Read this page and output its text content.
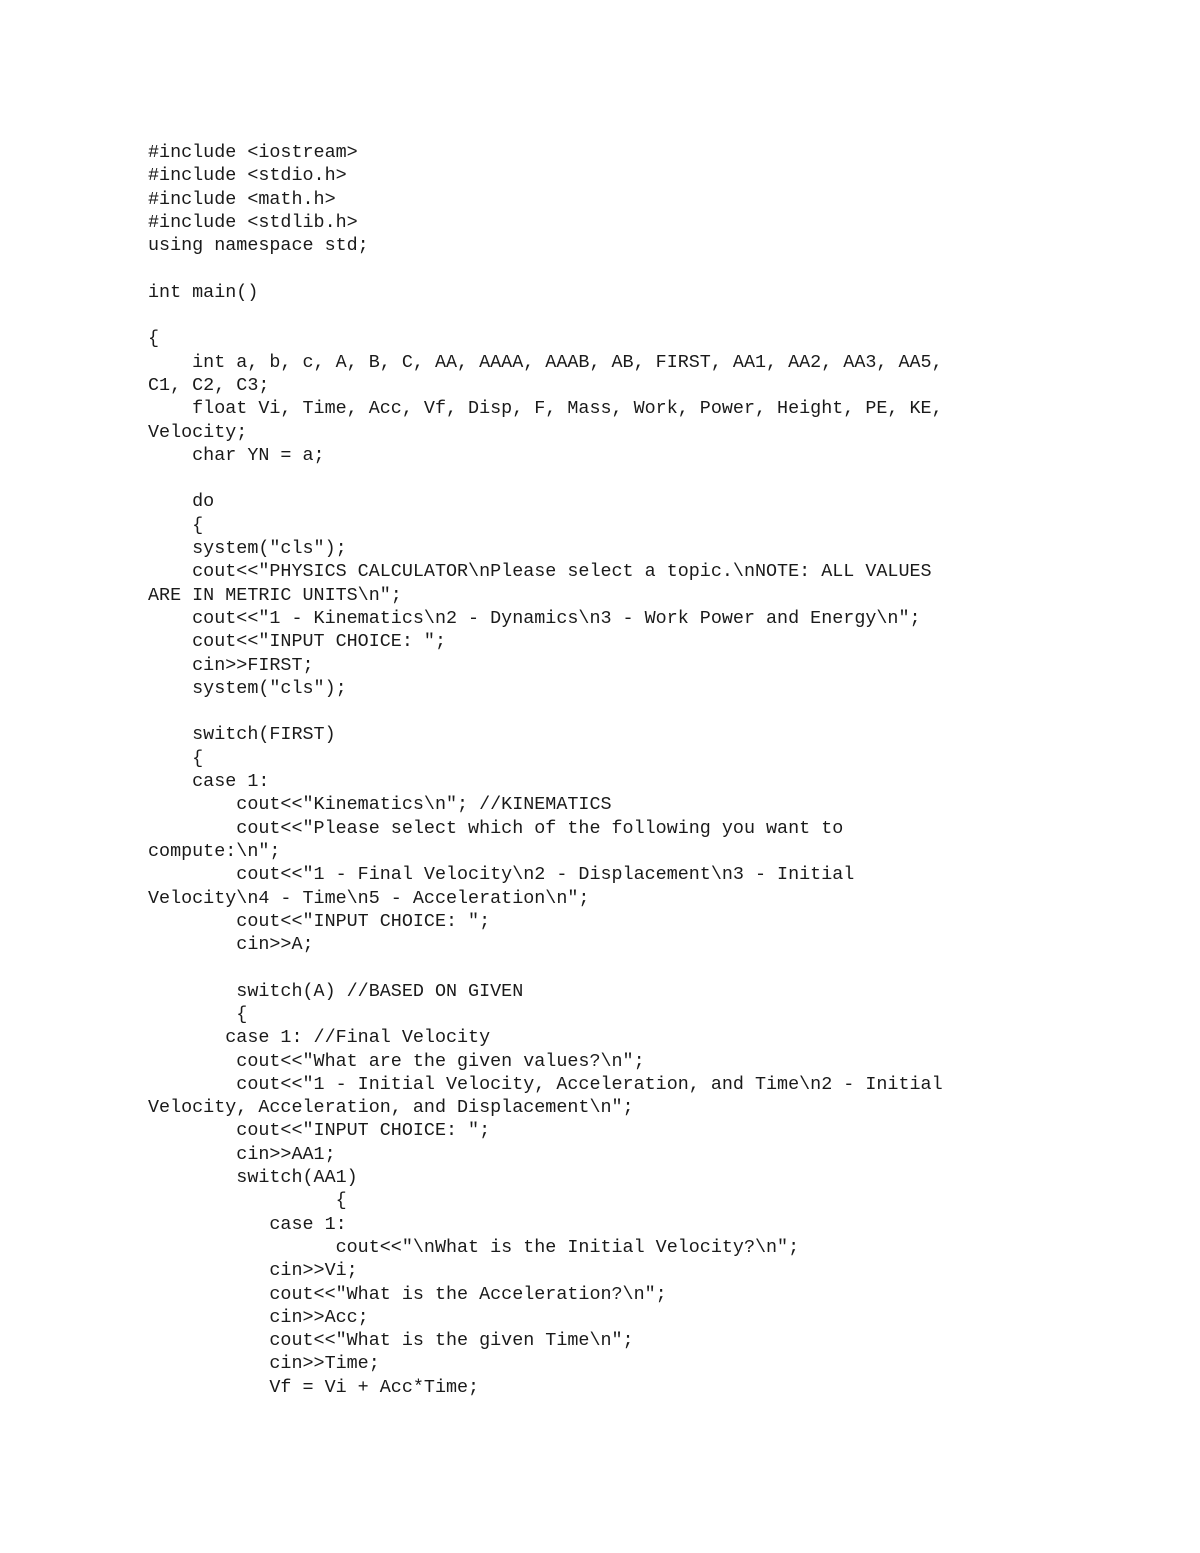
#include <iostream>
#include <stdio.h>
#include <math.h>
#include <stdlib.h>
using namespace std;
int main()
{
int a, b, c, A, B, C, AA, AAAA, AAAB, AB, FIRST, AA1, AA2, AA3, AA5,
C1, C2, C3;
float Vi, Time, Acc, Vf, Disp, F, Mass, Work, Power, Height, PE, KE,
Velocity;
char YN = a;
do
{
system("cls");
cout<<"PHYSICS CALCULATOR\nPlease select a topic.\nNOTE: ALL VALUES
ARE IN METRIC UNITS\n";
cout<<"1 - Kinematics\n2 - Dynamics\n3 - Work Power and Energy\n";
cout<<"INPUT CHOICE: ";
cin>>FIRST;
system("cls");
switch(FIRST)
{
case 1:
cout<<"Kinematics\n"; //KINEMATICS
cout<<"Please select which of the following you want to
compute:\n";
cout<<"1 - Final Velocity\n2 - Displacement\n3 - Initial
Velocity\n4 - Time\n5 - Acceleration\n";
cout<<"INPUT CHOICE: ";
cin>>A;
switch(A) //BASED ON GIVEN
{
case 1: //Final Velocity
cout<<"What are the given values?\n";
cout<<"1 - Initial Velocity, Acceleration, and Time\n2 - Initial
Velocity, Acceleration, and Displacement\n";
cout<<"INPUT CHOICE: ";
cin>>AA1;
switch(AA1)
{
case 1:
cout<<"\nWhat is the Initial Velocity?\n";
cin>>Vi;
cout<<"What is the Acceleration?\n";
cin>>Acc;
cout<<"What is the given Time\n";
cin>>Time;
Vf = Vi + Acc*Time;
